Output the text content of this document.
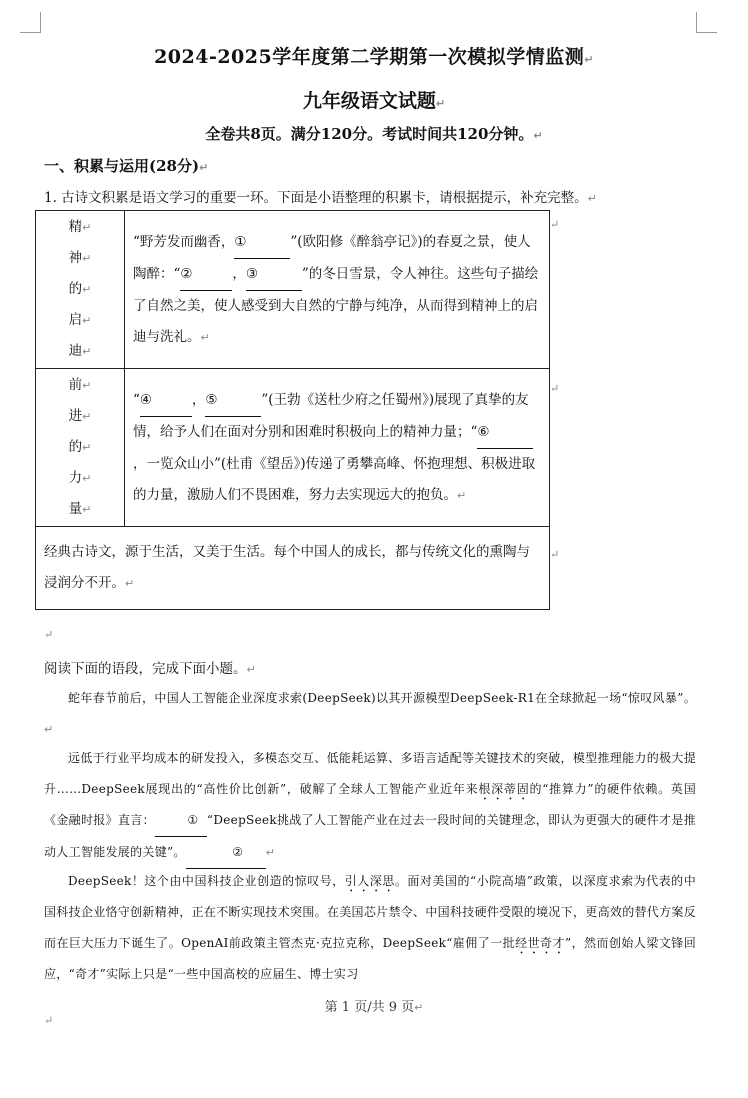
2024-2025学年度第二学期第一次模拟学情监测↵
九年级语文试题↵
全卷共8页。满分120分。考试时间共120分钟。↵
一、积累与运用(28分)↵
1. 古诗文积累是语文学习的重要一环。下面是小语整理的积累卡，请根据提示，补充完整。↵
精↵
神↵
的↵
启↵
迪↵	“野芳发而幽香，① ”(欧阳修《醉翁亭记》)的春夏之景，使人陶醉：“② ，③ ”的冬日雪景，令人神往。这些句子描绘了自然之美，使人感受到大自然的宁静与纯净，从而得到精神上的启迪与洗礼。↵
前↵
进↵
的↵
力↵
量↵	“④ ，⑤ ”(王勃《送杜少府之任蜀州》)展现了真挚的友情，给予人们在面对分别和困难时积极向上的精神力量；“⑥，一览众山小”(杜甫《望岳》)传递了勇攀高峰、怀抱理想、积极进取的力量，激励人们不畏困难，努力去实现远大的抱负。↵
经典古诗文，源于生活，又美于生活。每个中国人的成长，都与传统文化的熏陶与浸润分不开。↵	
↵
↵
↵
↵
阅读下面的语段，完成下面小题。↵
蛇年春节前后，中国人工智能企业深度求索(DeepSeek)以其开源模型DeepSeek-R1在全球掀起一场“惊叹风暴”。↵
远低于行业平均成本的研发投入，多模态交互、低能耗运算、多语言适配等关键技术的突破，模型推理能力的极大提升……DeepSeek展现出的“高性价比创新”，破解了全球人工智能产业近年来根深蒂固的“推算力”的硬件依赖。英国《金融时报》直言：	① “DeepSeek挑战了人工智能产业在过去一段时间的关键理念，即认为更强大的硬件才是推动人工智能发展的关键”。	② ↵
DeepSeek！这个由中国科技企业创造的惊叹号，引人深思。面对美国的“小院高墙”政策，以深度求索为代表的中国科技企业恪守创新精神，正在不断实现技术突围。在美国芯片禁令、中国科技硬件受限的境况下，更高效的替代方案反而在巨大压力下诞生了。OpenAI前政策主管杰克·克拉克称，DeepSeek“雇佣了一批经世奇才”，然而创始人梁文锋回应，“奇才”实际上只是“一些中国高校的应届生、博士实习
第 1 页/共 9 页↵
↵
